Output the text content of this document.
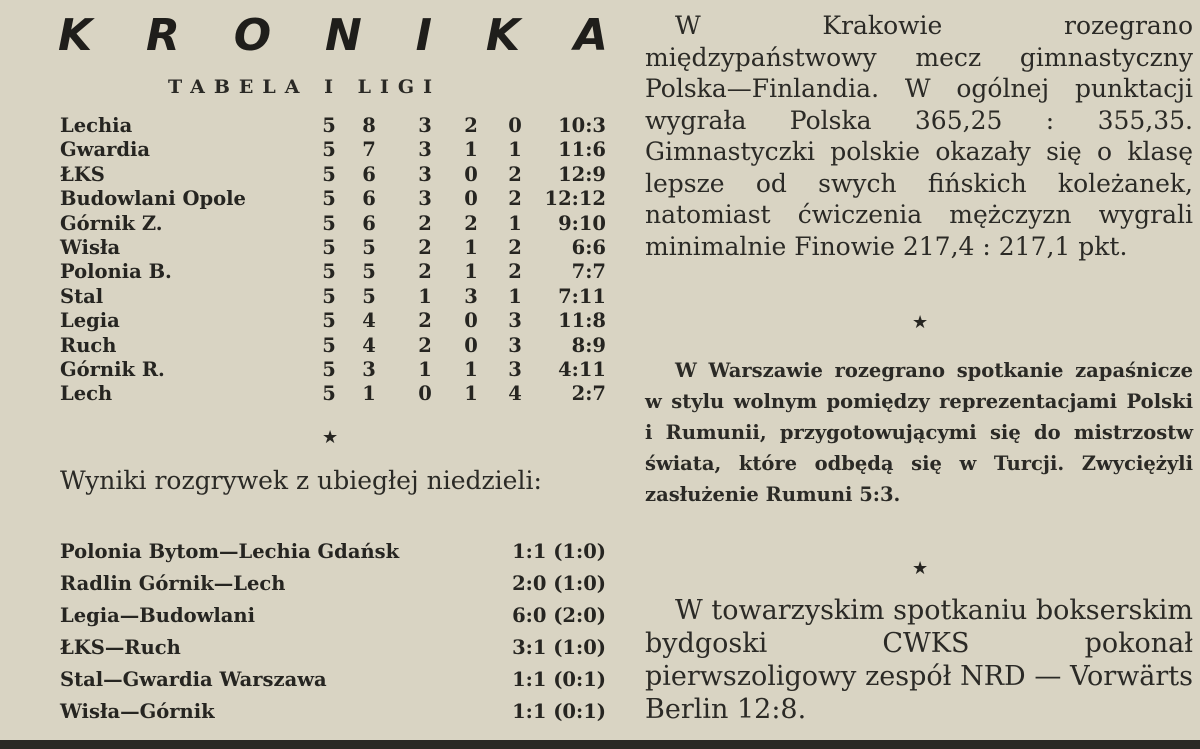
K R O N I K A
TABELA I LIGI
Lechia	5 8 3 2 0	10:3
Gwardia	5 7 3 1 1	11:6
ŁKS	5 6 3 0 2	12:9
Budowlani Opole	5 6 3 0 2 12:12
Górnik Z.	5 6 2 2 1	9:10
Wisła	5 5 2 1 2	6:6
Polonia B.	5 5 2 1 2	7:7
Stal	5 5 1 3 1	7:11
Legia	5 4 2 0 3	11:8
Ruch	5 4 2 0 3	8:9
Górnik R.	5 3 1 1 3	4:11
Lech	5 1 0 1 4	2:7
★
Wyniki rozgrywek z ubiegłej niedzieli:
Polonia Bytom—Lechia Gdańsk	1:1 (1:0)
Radlin Górnik—Lech	2:0 (1:0)
Legia—Budowlani	6:0 (2:0)
ŁKS—Ruch	3:1 (1:0)
Stal—Gwardia Warszawa	1:1 (0:1)
Wisła—Górnik	1:1 (0:1)
W Krakowie rozegrano międzypaństwowy mecz gimnastyczny Polska—Finlandia. W ogólnej punktacji wygrała Polska 365,25 : 355,35. Gimnastyczki polskie okazały się o klasę lepsze od swych fińskich koleżanek, natomiast ćwiczenia mężczyzn wygrali minimalnie Finowie 217,4 : 217,1 pkt.
★
W Warszawie rozegrano spotkanie zapaśnicze w stylu wolnym pomiędzy reprezentacjami Polski i Rumunii, przygotowującymi się do mistrzostw świata, które odbędą się w Turcji. Zwyciężyli zasłużenie Rumuni 5:3.
★
W towarzyskim spotkaniu bokserskim bydgoski CWKS pokonał pierwszoligowy zespół NRD — Vorwärts Berlin 12:8.
